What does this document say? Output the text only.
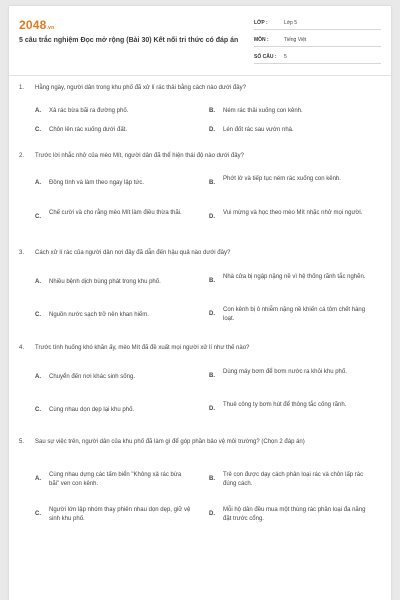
2048.vn
5 câu trắc nghiệm Đọc mở rộng (Bài 30) Kết nối tri thức có đáp án
LỚP :	Lớp 5
MÔN :	Tiếng Việt
SỐ CÂU :	5
1.	Hằng ngày, người dân trong khu phố đã xử lí rác thải bằng cách nào dưới đây?
A.	Xả rác bừa bãi ra đường phố.	B.	Ném rác thải xuống con kênh.
C.	Chôn lên rác xuống dưới đất.	D.	Lén đốt rác sau vườn nhà.
2.	Trước lời nhắc nhở của mèo Mít, người dân đã thể hiện thái độ nào dưới đây?
A.	Đồng tình và làm theo ngay lập tức.	B.
Phớt lờ và tiếp tục ném rác xuống con kênh.
C.
Chế cười và cho rằng mèo Mít làm điều thừa thãi.
D.
Vui mừng và học theo mèo Mít nhặc nhở mọi người.
3.	Cách xử lí rác của người dân nơi đây đã dẫn đến hậu quả nào dưới đây?
A.	Nhiều bệnh dịch bùng phát trong khu phố.	B.
Nhà cửa bị ngập nặng nề vì hệ thống rãnh tắc nghẽn.
C.	Nguồn nước sạch trở nên khan hiếm.	D.
Con kênh bị ô nhiễm nặng nề khiến cá tôm chết hàng loạt.
4.	Trước tình huống khó khăn ấy, mèo Mít đã đề xuất mọi người xử lí như thế nào?
A.	Chuyển đến nơi khác sinh sống.	B.
Dùng máy bơm để bơm nước ra khỏi khu phố.
C.	Cùng nhau dọn dẹp lại khu phố.	D.
Thuê công ty bơm hút để thông tắc cống rãnh.
5.	Sau sự việc trên, người dân của khu phố đã làm gì để góp phần bảo vệ môi trường? (Chọn 2 đáp án)
A.
Cùng nhau dựng các tấm biển "Không xả rác bừa bãi" ven con kênh.
B.
Trẻ con được dạy cách phân loại rác và chôn lấp rác đúng cách.
C.
Người lớn lập nhóm thay phiên nhau dọn dẹp, giữ vệ sinh khu phố.
D.
Mỗi hộ dân đều mua một thùng rác phân loại đa năng đặt trước cổng.
